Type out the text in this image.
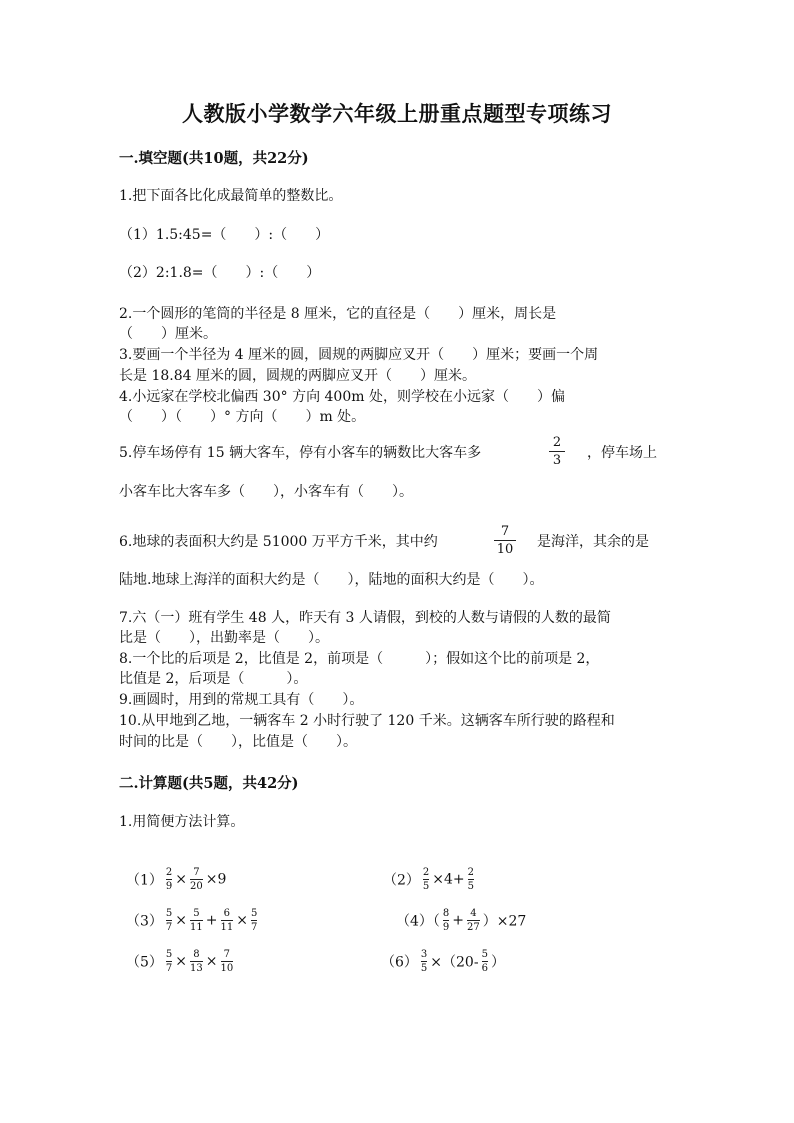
人教版小学数学六年级上册重点题型专项练习
一.填空题(共10题，共22分)
1.把下面各比化成最简单的整数比。
（1）1.5:45=（　　）:（　　）
（2）2:1.8=（　　）:（　　）
2.一个圆形的笔筒的半径是 8 厘米，它的直径是（　　）厘米，周长是
（　　）厘米。
3.要画一个半径为 4 厘米的圆，圆规的两脚应叉开（　　）厘米；要画一个周
长是 18.84 厘米的圆，圆规的两脚应叉开（　　）厘米。
4.小远家在学校北偏西 30° 方向 400m 处，则学校在小远家（　　）偏
（　　）（　　）° 方向（　　）m 处。
5.停车场停有 15 辆大客车，停有小客车的辆数比大客车多
2
3 ，停车场上
小客车比大客车多（　　），小客车有（　　）。
6.地球的表面积大约是 51000 万平方千米，其中约
7
10 是海洋，其余的是
陆地.地球上海洋的面积大约是（　　），陆地的面积大约是（　　）。
7.六（一）班有学生 48 人，昨天有 3 人请假，到校的人数与请假的人数的最简
比是（　　），出勤率是（　　）。
8.一个比的后项是 2，比值是 2，前项是（　　　）；假如这个比的前项是 2，
比值是 2，后项是（　　　）。
9.画圆时，用到的常规工具有（　　）。
10.从甲地到乙地，一辆客车 2 小时行驶了 120 千米。这辆客车所行驶的路程和
时间的比是（　　），比值是（　　）。
二.计算题(共5题，共42分)
1.用简便方法计算。
$(1) \frac{2}{9} \times \frac{7}{20} \times 9$	$(2) \frac{2}{5} \times 4+ \frac{2}{5}$
$(3) \frac{5}{7} \times \frac{5}{11} + \frac{6}{11} \times \frac{5}{7}$	$(4)( \frac{8}{9} + \frac{4}{27} )\times 27$
$(5) \frac{5}{7} \times \frac{8}{13} \times \frac{7}{10}$	$(6) \frac{3}{5} \times(20- \frac{5}{6}$ ）
